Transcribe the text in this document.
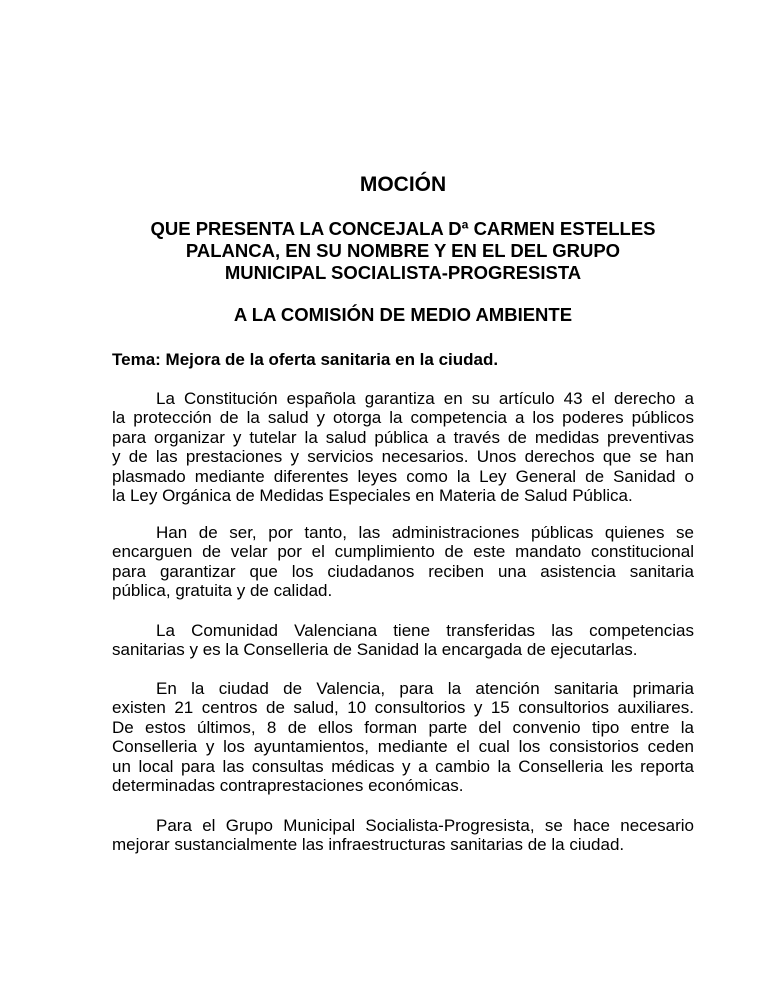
MOCIÓN
QUE PRESENTA LA CONCEJALA Dª CARMEN ESTELLES
PALANCA, EN SU NOMBRE Y EN EL DEL GRUPO
MUNICIPAL SOCIALISTA-PROGRESISTA
A LA COMISIÓN DE MEDIO AMBIENTE
Tema: Mejora de la oferta sanitaria en la ciudad.
La Constitución española garantiza en su artículo 43 el derecho a
la protección de la salud y otorga la competencia a los poderes públicos
para organizar y tutelar la salud pública a través de medidas preventivas
y de las prestaciones y servicios necesarios. Unos derechos que se han
plasmado mediante diferentes leyes como la Ley General de Sanidad o
la Ley Orgánica de Medidas Especiales en Materia de Salud Pública.
Han de ser, por tanto, las administraciones públicas quienes se
encarguen de velar por el cumplimiento de este mandato constitucional
para garantizar que los ciudadanos reciben una asistencia sanitaria
pública, gratuita y de calidad.
La Comunidad Valenciana tiene transferidas las competencias
sanitarias y es la Conselleria de Sanidad la encargada de ejecutarlas.
En la ciudad de Valencia, para la atención sanitaria primaria
existen 21 centros de salud, 10 consultorios y 15 consultorios auxiliares.
De estos últimos, 8 de ellos forman parte del convenio tipo entre la
Conselleria y los ayuntamientos, mediante el cual los consistorios ceden
un local para las consultas médicas y a cambio la Conselleria les reporta
determinadas contraprestaciones económicas.
Para el Grupo Municipal Socialista-Progresista, se hace necesario
mejorar sustancialmente las infraestructuras sanitarias de la ciudad.
